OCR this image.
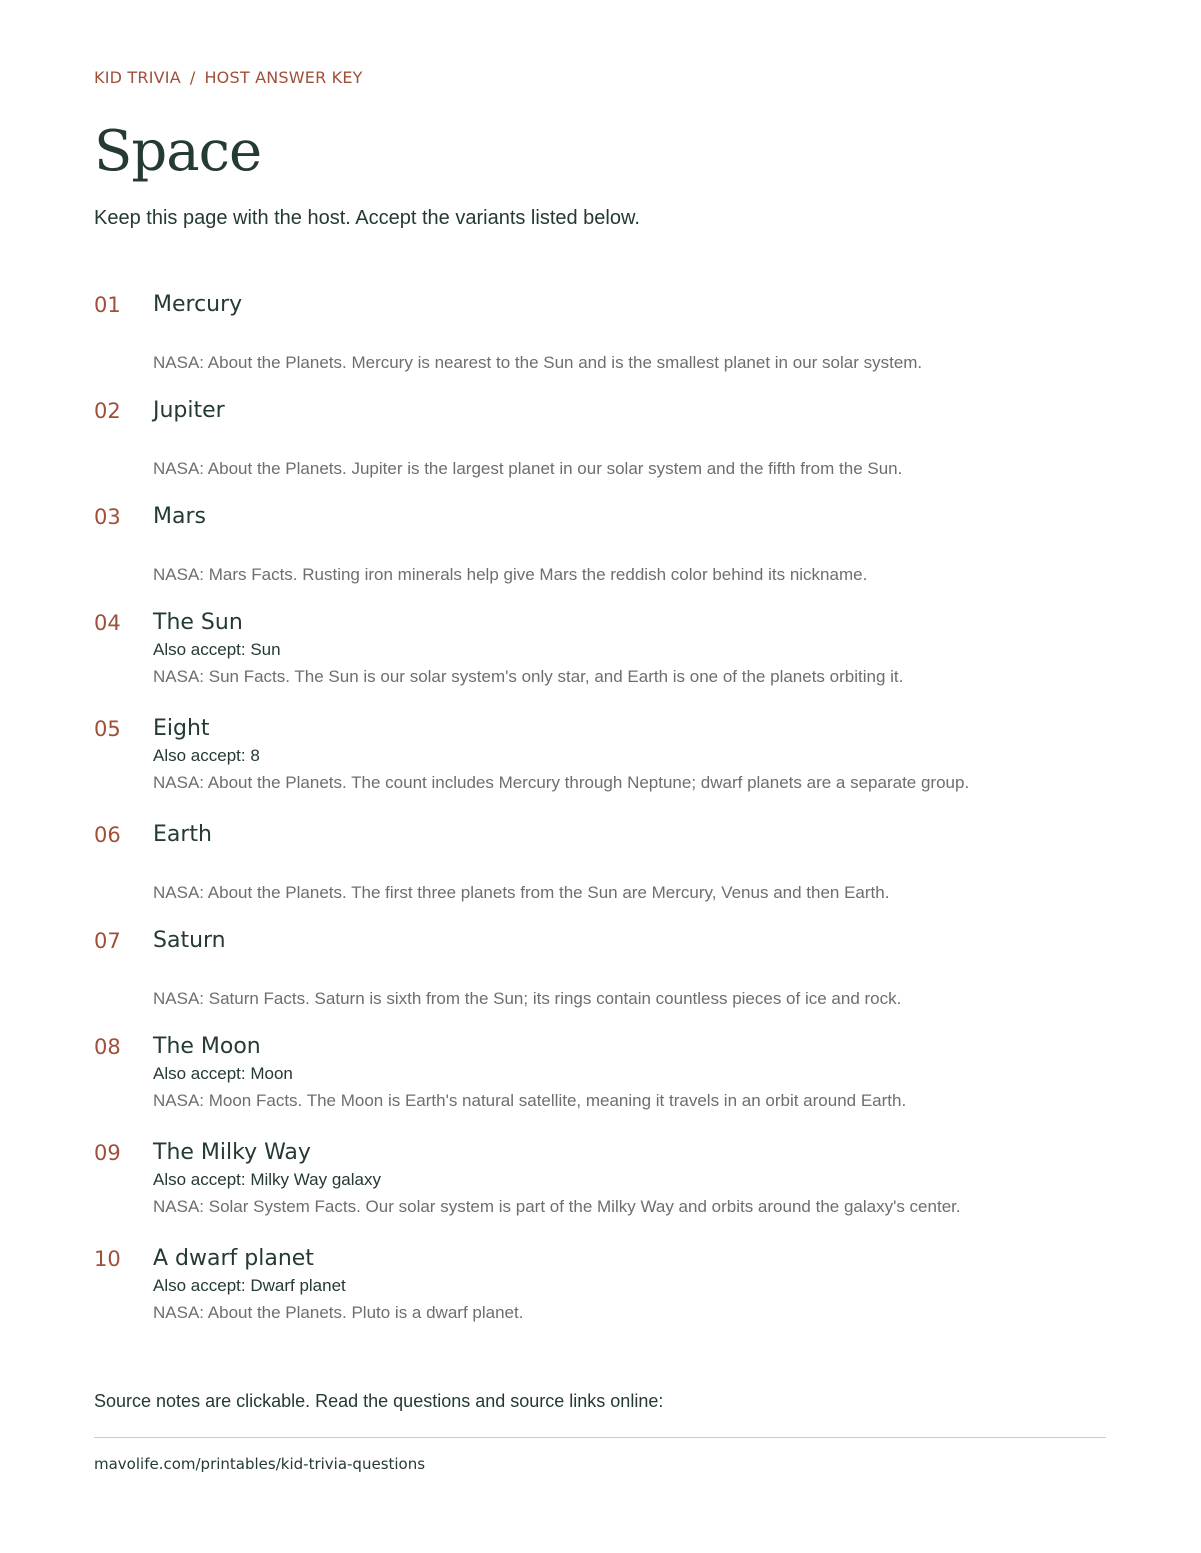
KID TRIVIA / HOST ANSWER KEY
Space

Keep this page with the host. Accept the variants listed below.

01 Mercury
NASA: About the Planets. Mercury is nearest to the Sun and is the smallest planet in our solar system.
02 Jupiter
NASA: About the Planets. Jupiter is the largest planet in our solar system and the fifth from the Sun.
03 Mars
NASA: Mars Facts. Rusting iron minerals help give Mars the reddish color behind its nickname.
04 The Sun
Also accept: Sun
NASA: Sun Facts. The Sun is our solar system's only star, and Earth is one of the planets orbiting it.
05 Eight
Also accept: 8
NASA: About the Planets. The count includes Mercury through Neptune; dwarf planets are a separate group.
06 Earth
NASA: About the Planets. The first three planets from the Sun are Mercury, Venus and then Earth.
07 Saturn
NASA: Saturn Facts. Saturn is sixth from the Sun; its rings contain countless pieces of ice and rock.
08 The Moon
Also accept: Moon
NASA: Moon Facts. The Moon is Earth's natural satellite, meaning it travels in an orbit around Earth.
09 The Milky Way
Also accept: Milky Way galaxy
NASA: Solar System Facts. Our solar system is part of the Milky Way and orbits around the galaxy's center.
10 A dwarf planet
Also accept: Dwarf planet
NASA: About the Planets. Pluto is a dwarf planet.

Source notes are clickable. Read the questions and source links online:

mavolife.com/printables/kid-trivia-questions
